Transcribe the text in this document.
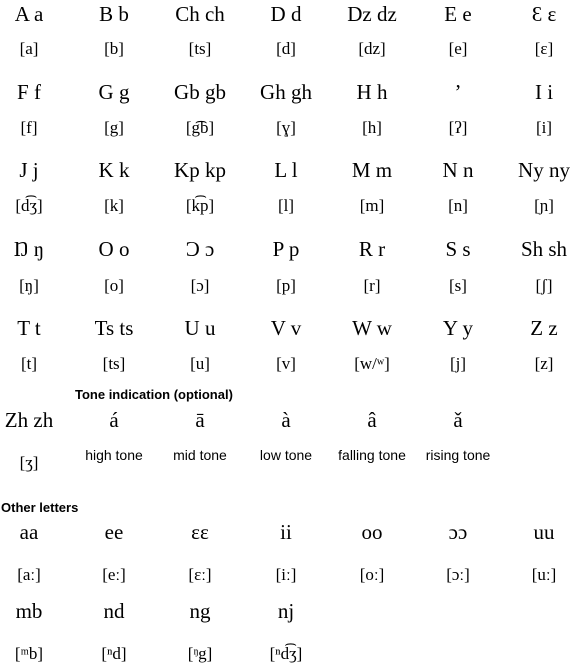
A a
[a]
B b
[b]
Ch ch
[ts]
D d
[d]
Dz dz
[dz]
E e
[e]
Ɛ ɛ
[ɛ]
F f
[f]
G g
[g]
Gb gb
[g͡b]
Gh gh
[ɣ]
H h
[h]
’
[ʔ]
I i
[i]
J j
[d͡ʒ]
K k
[k]
Kp kp
[k͡p]
L l
[l]
M m
[m]
N n
[n]
Ny ny
[ɲ]
Ŋ ŋ
[ŋ]
O o
[o]
Ɔ ɔ
[ɔ]
P p
[p]
R r
[r]
S s
[s]
Sh sh
[ʃ]
T t
[t]
Ts ts
[ts]
U u
[u]
V v
[v]
W w
[w/ʷ]
Y y
[j]
Z z
[z]
Tone indication (optional)
Zh zh
[ʒ]
á
high tone
ā
mid tone
à
low tone
â
falling tone
ǎ
rising tone
Other letters
aa
[aː]
ee
[eː]
ɛɛ
[ɛː]
ii
[iː]
oo
[oː]
ɔɔ
[ɔː]
uu
[uː]
mb
[ᵐb]
nd
[ⁿd]
ng
[ᵑg]
nj
[ⁿd͡ʒ]
